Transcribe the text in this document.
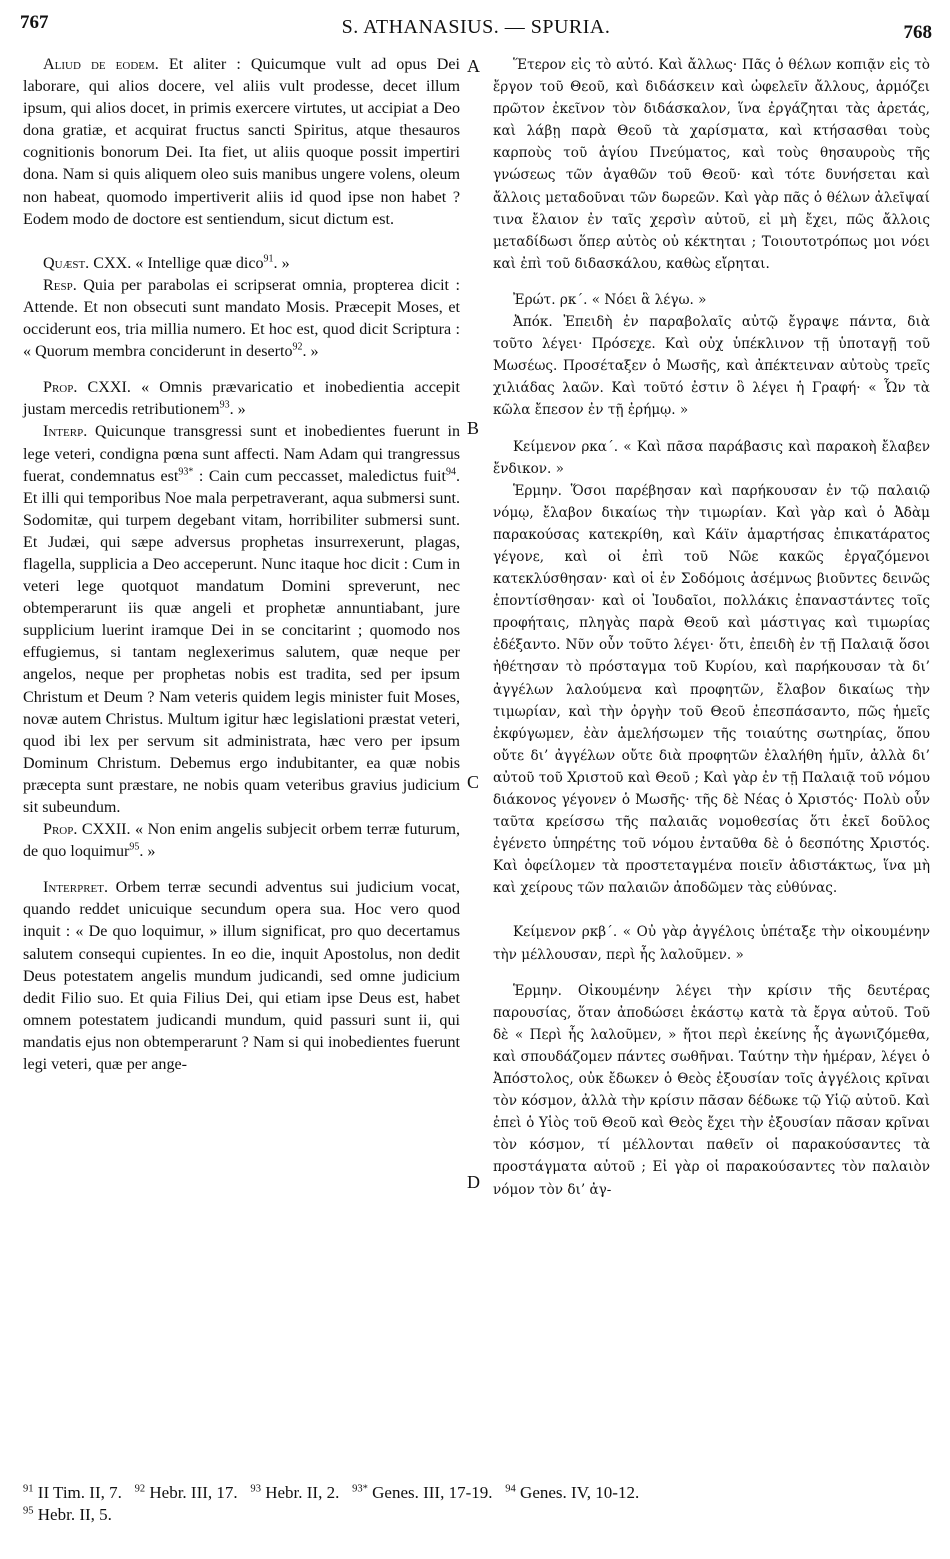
767	S. ATHANASIUS. — SPURIA.	768
A
B
C
D

Aliud de eodem. Et aliter : Quicumque vult ad opus Dei laborare, qui alios docere, vel aliis vult prodesse, decet illum ipsum, qui alios docet, in primis exercere virtutes, ut accipiat a Deo dona gratiæ, et acquirat fructus sancti Spiritus, atque thesauros cognitionis bonorum Dei. Ita fiet, ut aliis quoque possit impertiri dona. Nam si quis aliquem oleo suis manibus ungere volens, oleum non habeat, quomodo impertiverit aliis id quod ipse non habet ? Eodem modo de doctore est sentiendum, sicut dictum est.

Quæst. CXX. « Intellige quæ dico$^{91}$. »

Resp. Quia per parabolas ei scripserat omnia, propterea dicit : Attende. Et non obsecuti sunt mandato Mosis. Præcepit Moses, et occiderunt eos, tria millia numero. Et hoc est, quod dicit Scriptura : « Quorum membra conciderunt in deserto$^{92}$. »

Prop. CXXI. « Omnis prævaricatio et inobedientia accepit justam mercedis retributionem$^{93}$. »

Interp. Quicunque transgressi sunt et inobedientes fuerunt in lege veteri, condigna pœna sunt affecti. Nam Adam qui trangressus fuerat, condemnatus est$^{93*}$ : Cain cum peccasset, maledictus fuit$^{94}$. Et illi qui temporibus Noe mala perpetraverant, aqua submersi sunt. Sodomitæ, qui turpem degebant vitam, horribiliter submersi sunt. Et Judæi, qui sæpe adversus prophetas insurrexerunt, plagas, flagella, supplicia a Deo acceperunt. Nunc itaque hoc dicit : Cum in veteri lege quotquot mandatum Domini spreverunt, nec obtemperarunt iis quæ angeli et prophetæ annuntiabant, jure supplicium luerint iramque Dei in se concitarint ; quomodo nos effugiemus, si tantam neglexerimus salutem, quæ neque per angelos, neque per prophetas nobis est tradita, sed per ipsum Christum et Deum ? Nam veteris quidem legis minister fuit Moses, novæ autem Christus. Multum igitur hæc legislationi præstat veteri, quod ibi lex per servum sit administrata, hæc vero per ipsum Dominum Christum. Debemus ergo indubitanter, ea quæ nobis præcepta sunt præstare, ne nobis quam veteribus gravius judicium sit subeundum.

Prop. CXXII. « Non enim angelis subjecit orbem terræ futurum, de quo loquimur$^{95}$. »

Interpret. Orbem terræ secundi adventus sui judicium vocat, quando reddet unicuique secundum opera sua. Hoc vero quod inquit : « De quo loquimur, » illum significat, pro quo decertamus salutem consequi cupientes. In eo die, inquit Apostolus, non dedit Deus potestatem angelis mundum judicandi, sed omne judicium dedit Filio suo. Et quia Filius Dei, qui etiam ipse Deus est, habet omnem potestatem judicandi mundum, quid passuri sunt ii, qui mandatis ejus non obtemperarunt ? Nam si qui inobedientes fuerunt legi veteri, quæ per ange-

Ἕτερον εἰς τὸ αὐτό. Καὶ ἄλλως· Πᾶς ὁ θέλων κοπιᾷν εἰς τὸ ἔργον τοῦ Θεοῦ, καὶ διδάσκειν καὶ ὠφελεῖν ἄλλους, ἁρμόζει πρῶτον ἐκεῖνον τὸν διδάσκαλον, ἵνα ἐργάζηται τὰς ἀρετάς, καὶ λάβῃ παρὰ Θεοῦ τὰ χαρίσματα, καὶ κτήσασθαι τοὺς καρποὺς τοῦ ἁγίου Πνεύματος, καὶ τοὺς θησαυροὺς τῆς γνώσεως τῶν ἀγαθῶν τοῦ Θεοῦ· καὶ τότε δυνήσεται καὶ ἄλλοις μεταδοῦναι τῶν δωρεῶν. Καὶ γὰρ πᾶς ὁ θέλων ἀλεῖψαί τινα ἔλαιον ἐν ταῖς χερσὶν αὐτοῦ, εἰ μὴ ἔχει, πῶς ἄλλοις μεταδίδωσι ὅπερ αὐτὸς οὐ κέκτηται ; Τοιουτοτρόπως μοι νόει καὶ ἐπὶ τοῦ διδασκάλου, καθὼς εἴρηται.

Ἐρώτ. ρκ΄. « Νόει ἃ λέγω. »

Ἀπόκ. Ἐπειδὴ ἐν παραβολαῖς αὐτῷ ἔγραψε πάντα, διὰ τοῦτο λέγει· Πρόσεχε. Καὶ οὐχ ὑπέκλινον τῇ ὑποταγῇ τοῦ Μωσέως. Προσέταξεν ὁ Μωσῆς, καὶ ἀπέκτειναν αὐτοὺς τρεῖς χιλιάδας λαῶν. Καὶ τοῦτό ἐστιν ὃ λέγει ἡ Γραφή· « Ὧν τὰ κῶλα ἔπεσον ἐν τῇ ἐρήμῳ. »

Κείμενον ρκα΄. « Καὶ πᾶσα παράβασις καὶ παρακοὴ ἔλαβεν ἔνδικον. »

Ἑρμην. Ὅσοι παρέβησαν καὶ παρήκουσαν ἐν τῷ παλαιῷ νόμῳ, ἔλαβον δικαίως τὴν τιμωρίαν. Καὶ γὰρ καὶ ὁ Ἀδὰμ παρακούσας κατεκρίθη, καὶ Κάϊν ἁμαρτήσας ἐπικατάρατος γέγονε, καὶ οἱ ἐπὶ τοῦ Νῶε κακῶς ἐργαζόμενοι κατεκλύσθησαν· καὶ οἱ ἐν Σοδόμοις ἀσέμνως βιοῦντες δεινῶς ἐποντίσθησαν· καὶ οἱ Ἰουδαῖοι, πολλάκις ἐπαναστάντες τοῖς προφήταις, πληγὰς παρὰ Θεοῦ καὶ μάστιγας καὶ τιμωρίας ἐδέξαντο. Νῦν οὖν τοῦτο λέγει· ὅτι, ἐπειδὴ ἐν τῇ Παλαιᾷ ὅσοι ἠθέτησαν τὸ πρόσταγμα τοῦ Κυρίου, καὶ παρήκουσαν τὰ δι’ ἀγγέλων λαλούμενα καὶ προφητῶν, ἔλαβον δικαίως τὴν τιμωρίαν, καὶ τὴν ὀργὴν τοῦ Θεοῦ ἐπεσπάσαντο, πῶς ἡμεῖς ἐκφύγωμεν, ἐὰν ἀμελήσωμεν τῆς τοιαύτης σωτηρίας, ὅπου οὔτε δι’ ἀγγέλων οὔτε διὰ προφητῶν ἐλαλήθη ἡμῖν, ἀλλὰ δι’ αὐτοῦ τοῦ Χριστοῦ καὶ Θεοῦ ; Καὶ γὰρ ἐν τῇ Παλαιᾷ τοῦ νόμου διάκονος γέγονεν ὁ Μωσῆς· τῆς δὲ Νέας ὁ Χριστός· Πολὺ οὖν ταῦτα κρείσσω τῆς παλαιᾶς νομοθεσίας ὅτι ἐκεῖ δοῦλος ἐγένετο ὑπηρέτης τοῦ νόμου ἐνταῦθα δὲ ὁ δεσπότης Χριστός. Καὶ ὀφείλομεν τὰ προστεταγμένα ποιεῖν ἀδιστάκτως, ἵνα μὴ καὶ χείρους τῶν παλαιῶν ἀποδῶμεν τὰς εὐθύνας.

Κείμενον ρκβ΄. « Οὐ γὰρ ἀγγέλοις ὑπέταξε τὴν οἰκουμένην τὴν μέλλουσαν, περὶ ἧς λαλοῦμεν. »

Ἑρμην. Οἰκουμένην λέγει τὴν κρίσιν τῆς δευτέρας παρουσίας, ὅταν ἀποδώσει ἑκάστῳ κατὰ τὰ ἔργα αὐτοῦ. Τοῦ δὲ « Περὶ ἧς λαλοῦμεν, » ἤτοι περὶ ἐκείνης ἧς ἀγωνιζόμεθα, καὶ σπουδάζομεν πάντες σωθῆναι. Ταύτην τὴν ἡμέραν, λέγει ὁ Ἀπόστολος, οὐκ ἔδωκεν ὁ Θεὸς ἐξουσίαν τοῖς ἀγγέλοις κρῖναι τὸν κόσμον, ἀλλὰ τὴν κρίσιν πᾶσαν δέδωκε τῷ Υἱῷ αὐτοῦ. Καὶ ἐπεὶ ὁ Υἱὸς τοῦ Θεοῦ καὶ Θεὸς ἔχει τὴν ἐξουσίαν πᾶσαν κρῖναι τὸν κόσμον, τί μέλλονται παθεῖν οἱ παρακούσαντες τὰ προστάγματα αὐτοῦ ; Εἰ γὰρ οἱ παρακούσαντες τὸν παλαιὸν νόμον τὸν δι’ ἀγ-

$^{91}$ II Tim. II, 7. $^{92}$ Hebr. III, 17. $^{93}$ Hebr. II, 2. $^{93*}$ Genes. III, 17-19. $^{94}$ Genes. IV, 10-12.
$^{95}$ Hebr. II, 5.
